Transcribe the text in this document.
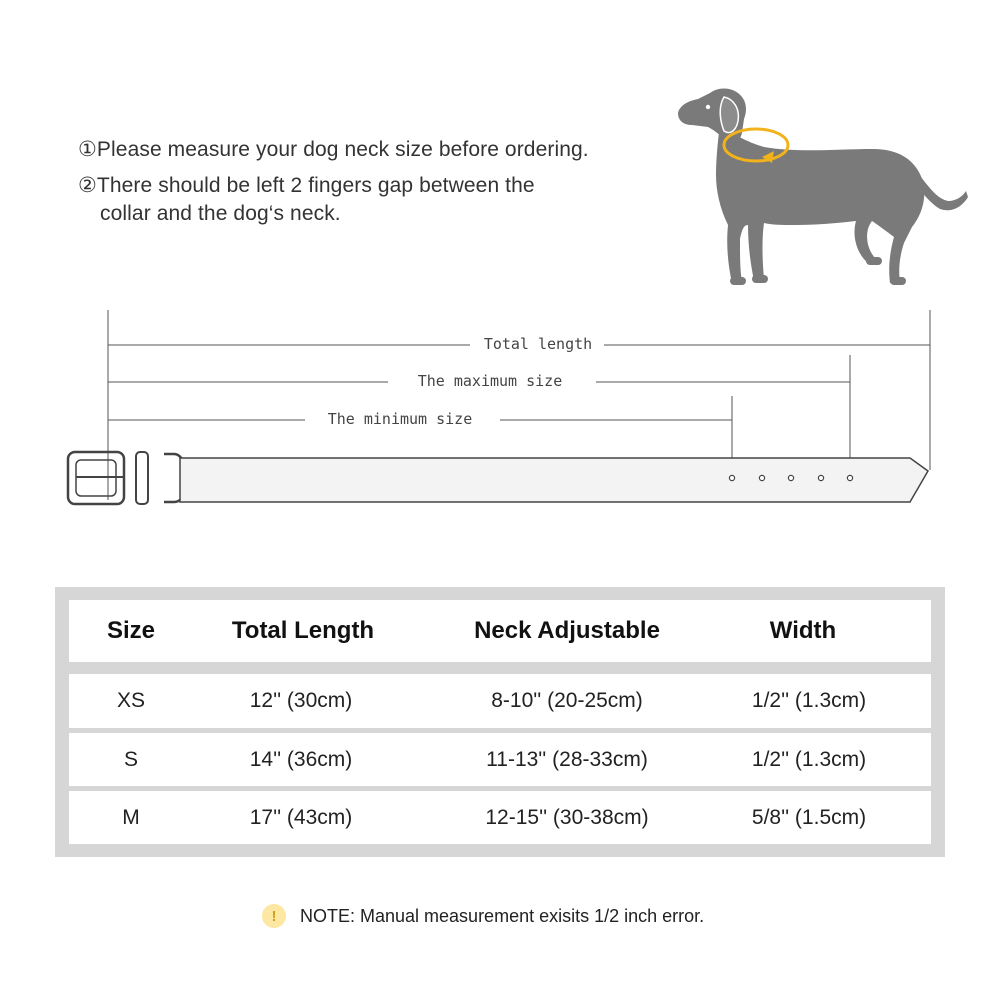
①Please measure your dog neck size before ordering.
②There should be left 2 fingers gap between the
collar and the dog‘s neck.
Total length
The maximum size
The minimum size
Size	Total Length	Neck Adjustable	Width
XS	12'' (30cm)	8-10'' (20-25cm)	1/2'' (1.3cm)
S	14'' (36cm)	11-13'' (28-33cm)	1/2'' (1.3cm)
M	17'' (43cm)	12-15'' (30-38cm)	5/8'' (1.5cm)
!	NOTE: Manual measurement exisits 1/2 inch error.
